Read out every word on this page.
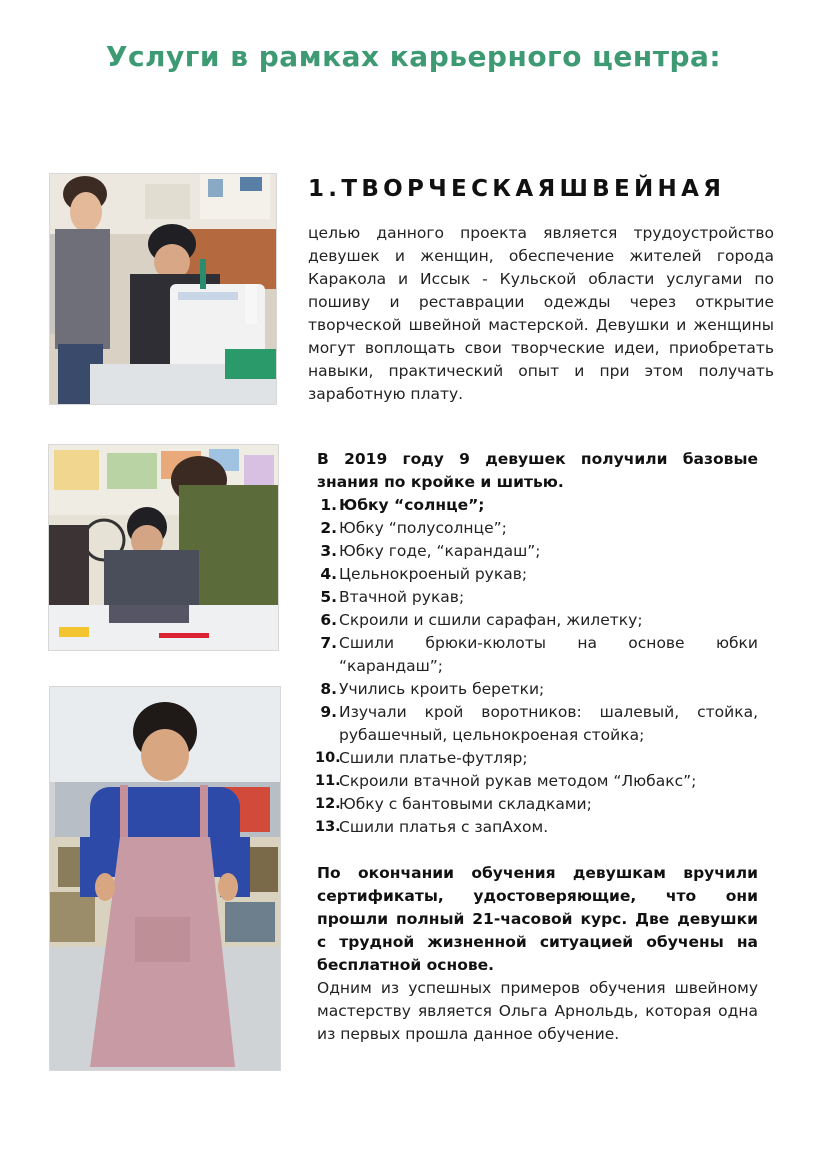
Услуги в рамках карьерного центра:
1.ТВОРЧЕСКАЯШВЕЙНАЯ

целью данного проекта является трудоустройство девушек и женщин, обеспечение жителей города Каракола и Иссык - Кульской области услугами по пошиву и реставрации одежды через открытие творческой швейной мастерской. Девушки и женщины могут воплощать свои творческие идеи, приобретать навыки, практический опыт и при этом получать заработную плату.

В 2019 году 9 девушек получили базовые знания по кройке и шитью.

1. Юбку “солнце”;
2. Юбку “полусолнце”;
3. Юбку годе, “карандаш”;
4. Цельнокроеный рукав;
5. Втачной рукав;
6. Скроили и сшили сарафан, жилетку;
7. Сшили брюки-кюлоты на основе юбки “карандаш”;
8. Учились кроить беретки;
9. Изучали крой воротников: шалевый, стойка, рубашечный, цельнокроеная стойка;
10.
Сшили платье-футляр;
11.
Скроили втачной рукав методом “Любакс”;
12.
Юбку с бантовыми складками;
13.
Сшили платья с запАхом.

По окончании обучения девушкам вручили сертификаты, удостоверяющие, что они прошли полный 21-часовой курс. Две девушки с трудной жизненной ситуацией обучены на бесплатной основе.

Одним из успешных примеров обучения швейному мастерству является Ольга Арнольдь, которая одна из первых прошла данное обучение.
